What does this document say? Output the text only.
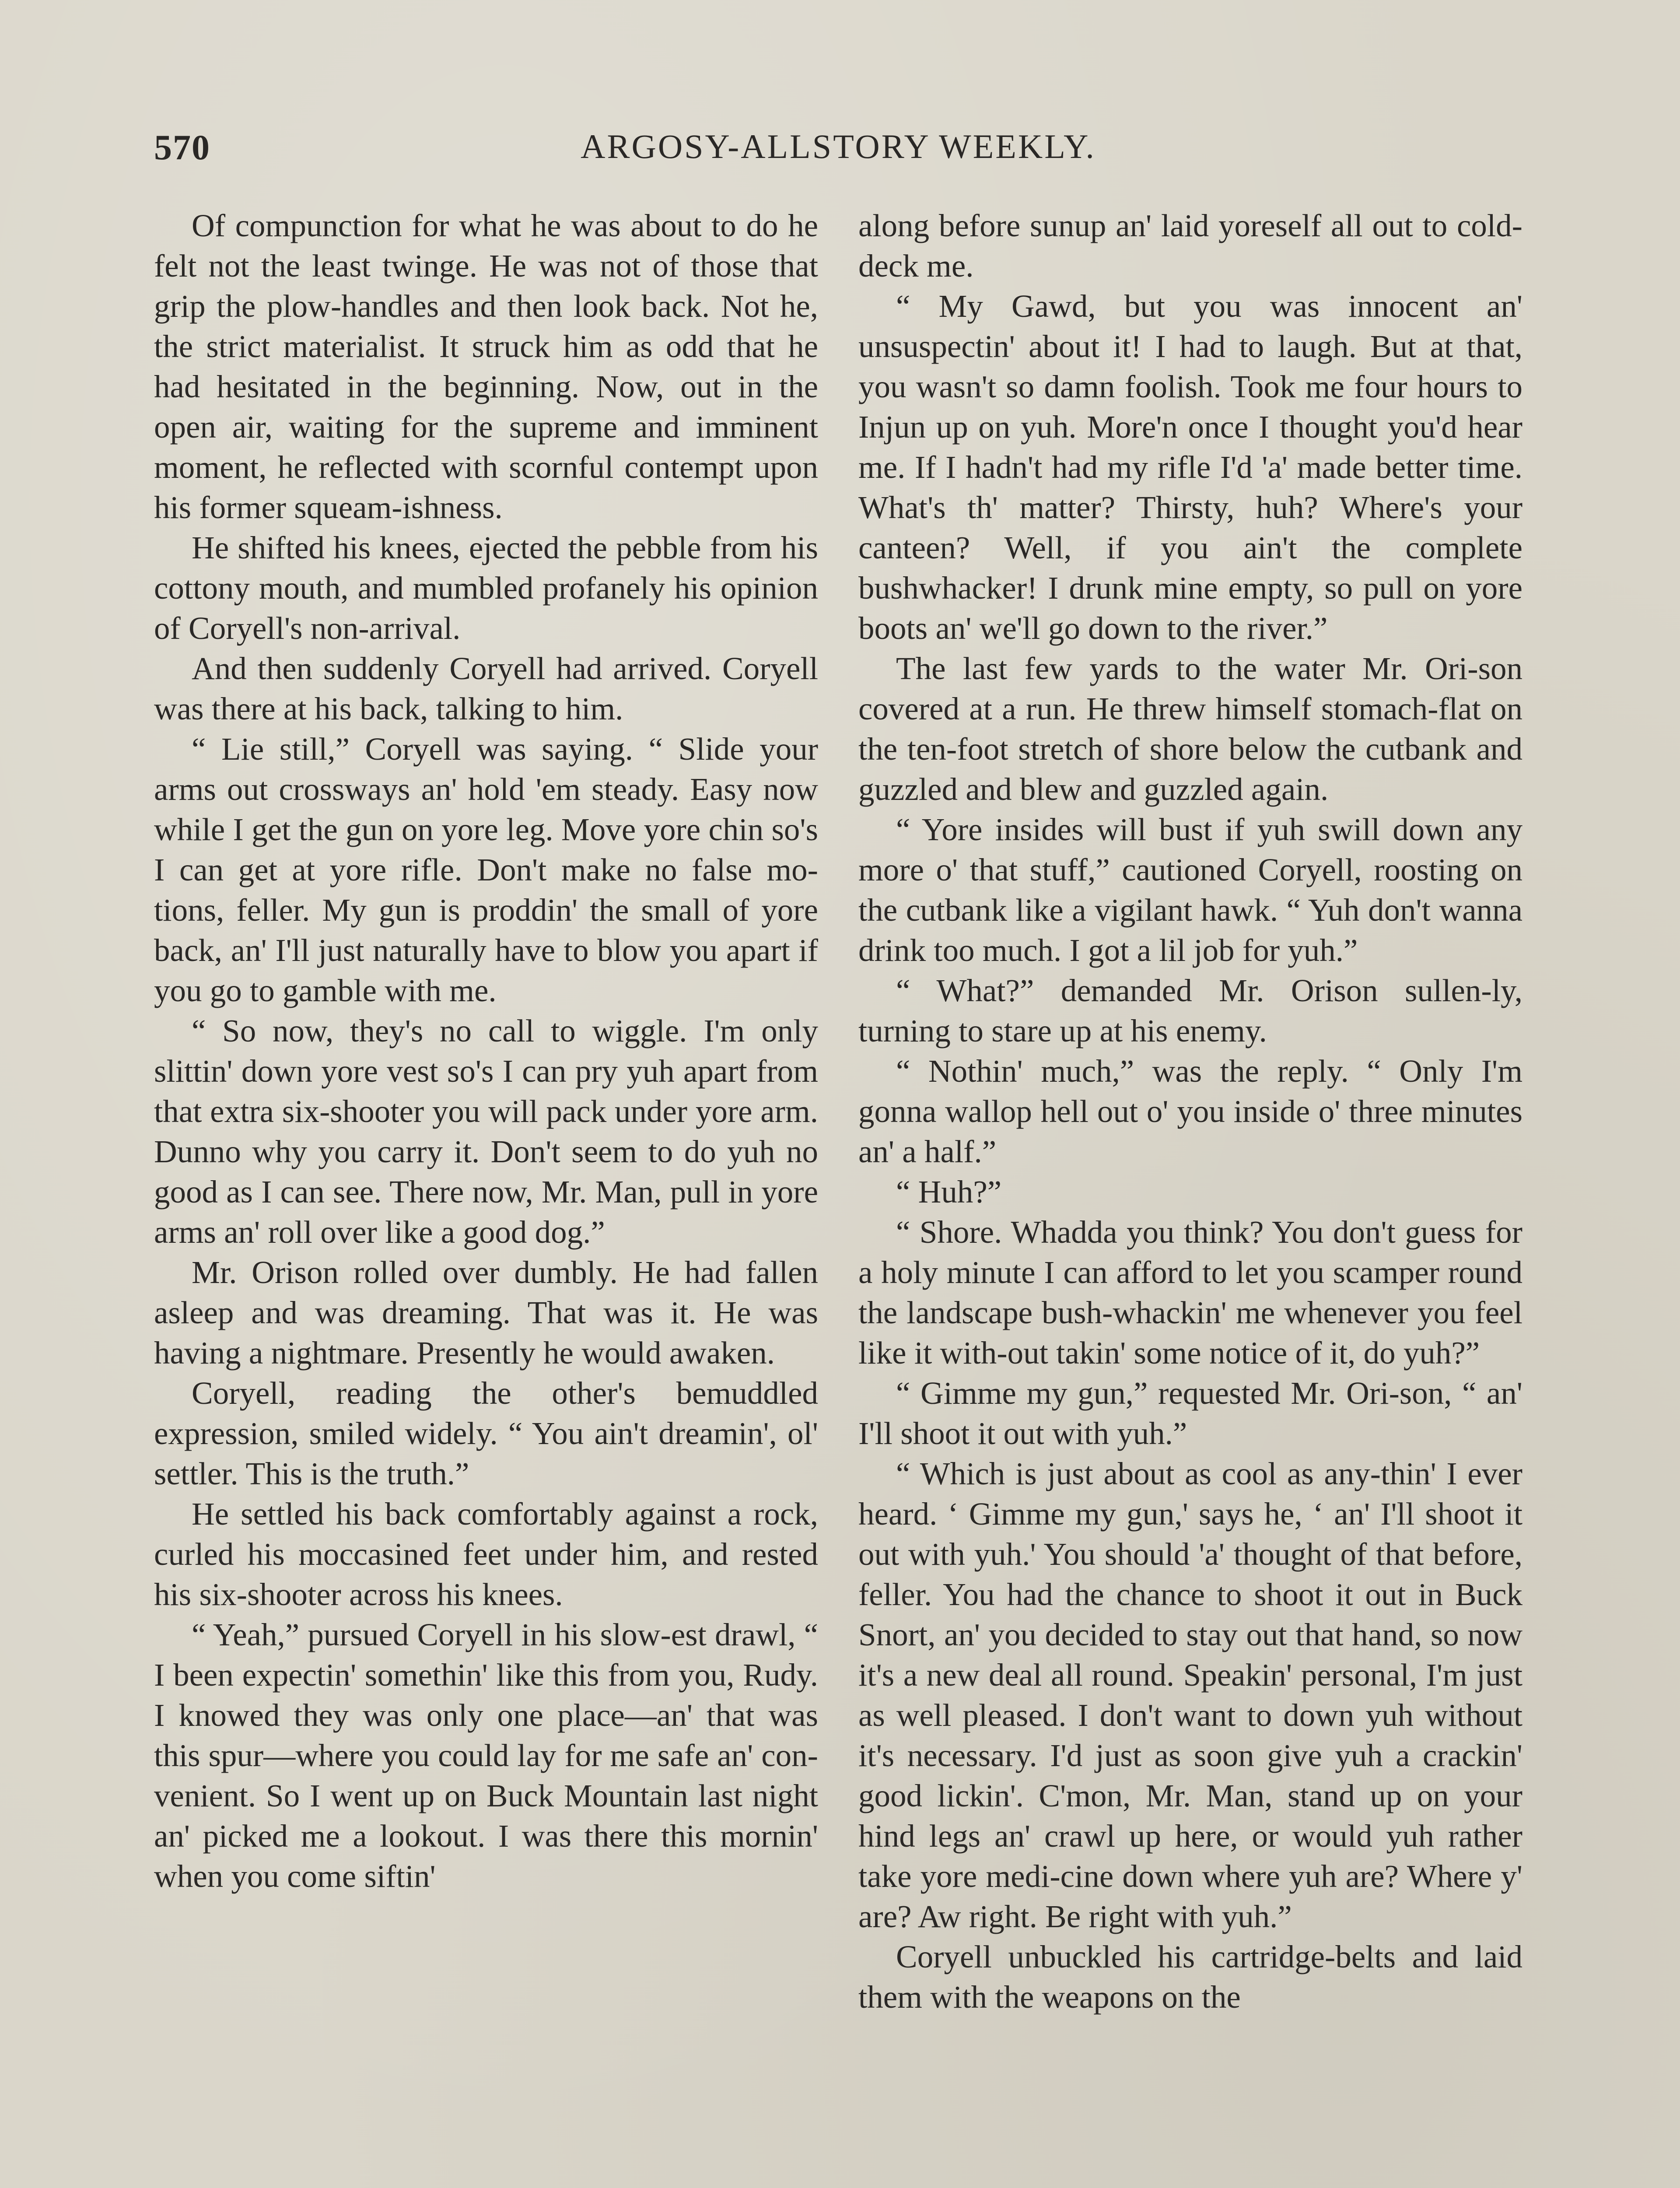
570	ARGOSY-ALLSTORY WEEKLY.

Of compunction for what he was about to do he felt not the least twinge. He was not of those that grip the plow-handles and then look back. Not he, the strict materialist. It struck him as odd that he had hesitated in the beginning. Now, out in the open air, waiting for the supreme and imminent moment, he reflected with scornful contempt upon his former squeam-ishness.

He shifted his knees, ejected the pebble from his cottony mouth, and mumbled profanely his opinion of Coryell's non-arrival.

And then suddenly Coryell had arrived. Coryell was there at his back, talking to him.

“ Lie still,” Coryell was saying. “ Slide your arms out crossways an' hold 'em steady. Easy now while I get the gun on yore leg. Move yore chin so's I can get at yore rifle. Don't make no false mo-tions, feller. My gun is proddin' the small of yore back, an' I'll just naturally have to blow you apart if you go to gamble with me.

“ So now, they's no call to wiggle. I'm only slittin' down yore vest so's I can pry yuh apart from that extra six-shooter you will pack under yore arm. Dunno why you carry it. Don't seem to do yuh no good as I can see. There now, Mr. Man, pull in yore arms an' roll over like a good dog.”

Mr. Orison rolled over dumbly. He had fallen asleep and was dreaming. That was it. He was having a nightmare. Presently he would awaken.

Coryell, reading the other's bemuddled expression, smiled widely. “ You ain't dreamin', ol' settler. This is the truth.”

He settled his back comfortably against a rock, curled his moccasined feet under him, and rested his six-shooter across his knees.

“ Yeah,” pursued Coryell in his slow-est drawl, “ I been expectin' somethin' like this from you, Rudy. I knowed they was only one place—an' that was this spur—where you could lay for me safe an' con-venient. So I went up on Buck Mountain last night an' picked me a lookout. I was there this mornin' when you come siftin'

along before sunup an' laid yoreself all out to cold-deck me.

“ My Gawd, but you was innocent an' unsuspectin' about it! I had to laugh. But at that, you wasn't so damn foolish. Took me four hours to Injun up on yuh. More'n once I thought you'd hear me. If I hadn't had my rifle I'd 'a' made better time. What's th' matter? Thirsty, huh? Where's your canteen? Well, if you ain't the complete bushwhacker! I drunk mine empty, so pull on yore boots an' we'll go down to the river.”

The last few yards to the water Mr. Ori-son covered at a run. He threw himself stomach-flat on the ten-foot stretch of shore below the cutbank and guzzled and blew and guzzled again.

“ Yore insides will bust if yuh swill down any more o' that stuff,” cautioned Coryell, roosting on the cutbank like a vigilant hawk. “ Yuh don't wanna drink too much. I got a lil job for yuh.”

“ What?” demanded Mr. Orison sullen-ly, turning to stare up at his enemy.

“ Nothin' much,” was the reply. “ Only I'm gonna wallop hell out o' you inside o' three minutes an' a half.”

“ Huh?”

“ Shore. Whadda you think? You don't guess for a holy minute I can afford to let you scamper round the landscape bush-whackin' me whenever you feel like it with-out takin' some notice of it, do yuh?”

“ Gimme my gun,” requested Mr. Ori-son, “ an' I'll shoot it out with yuh.”

“ Which is just about as cool as any-thin' I ever heard. ‘ Gimme my gun,' says he, ‘ an' I'll shoot it out with yuh.' You should 'a' thought of that before, feller. You had the chance to shoot it out in Buck Snort, an' you decided to stay out that hand, so now it's a new deal all round. Speakin' personal, I'm just as well pleased. I don't want to down yuh without it's necessary. I'd just as soon give yuh a crackin' good lickin'. C'mon, Mr. Man, stand up on your hind legs an' crawl up here, or would yuh rather take yore medi-cine down where yuh are? Where y' are? Aw right. Be right with yuh.”

Coryell unbuckled his cartridge-belts and laid them with the weapons on the
